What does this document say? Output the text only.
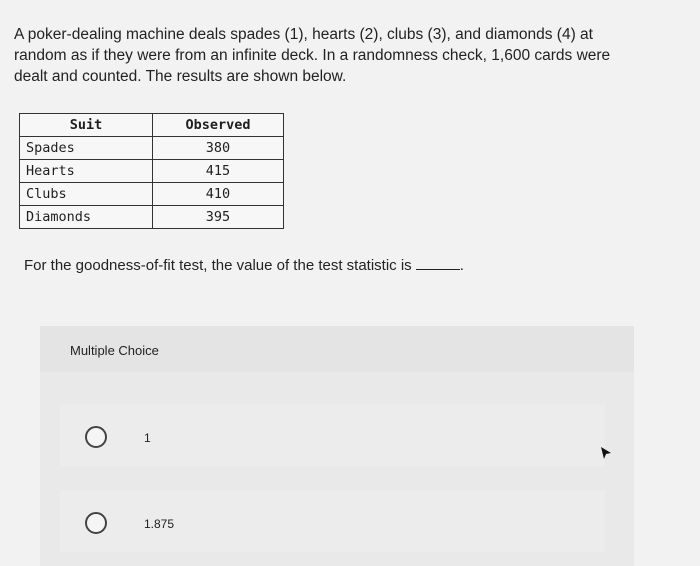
A poker-dealing machine deals spades (1), hearts (2), clubs (3), and diamonds (4) at
random as if they were from an infinite deck. In a randomness check, 1,600 cards were
dealt and counted. The results are shown below.
Suit	Observed
Spades	380
Hearts	415
Clubs	410
Diamonds	395
For the goodness-of-fit test, the value of the test statistic is	.
Multiple Choice
1
1.875
